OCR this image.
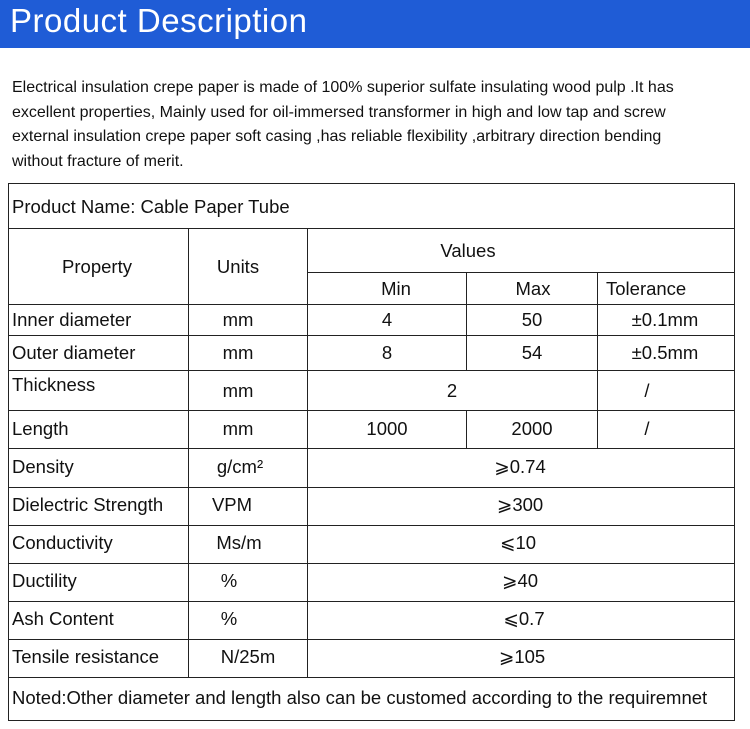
Product Description
Electrical insulation crepe paper is made of 100% superior sulfate insulating wood pulp .It has
excellent properties, Mainly used for oil-immersed transformer in high and low tap and screw
external insulation crepe paper soft casing ,has reliable flexibility ,arbitrary direction bending
without fracture of merit.
Product Name: Cable Paper Tube
Property	Units
Values
Min	Max	Tolerance
Inner diameter	mm	4	50	±0.1mm
Outer diameter	mm	8	54	±0.5mm
Thickness	mm	2	/
Length	mm	1000	2000	/
Density	g/cm²	⩾0.74
Dielectric Strength	VPM	⩾300
Conductivity	Ms/m	⩽10
Ductility	%	⩾40
Ash Content	%	⩽0.7
Tensile resistance	N/25m	⩾105
Noted:Other diameter and length also can be customed according to the requiremnet
